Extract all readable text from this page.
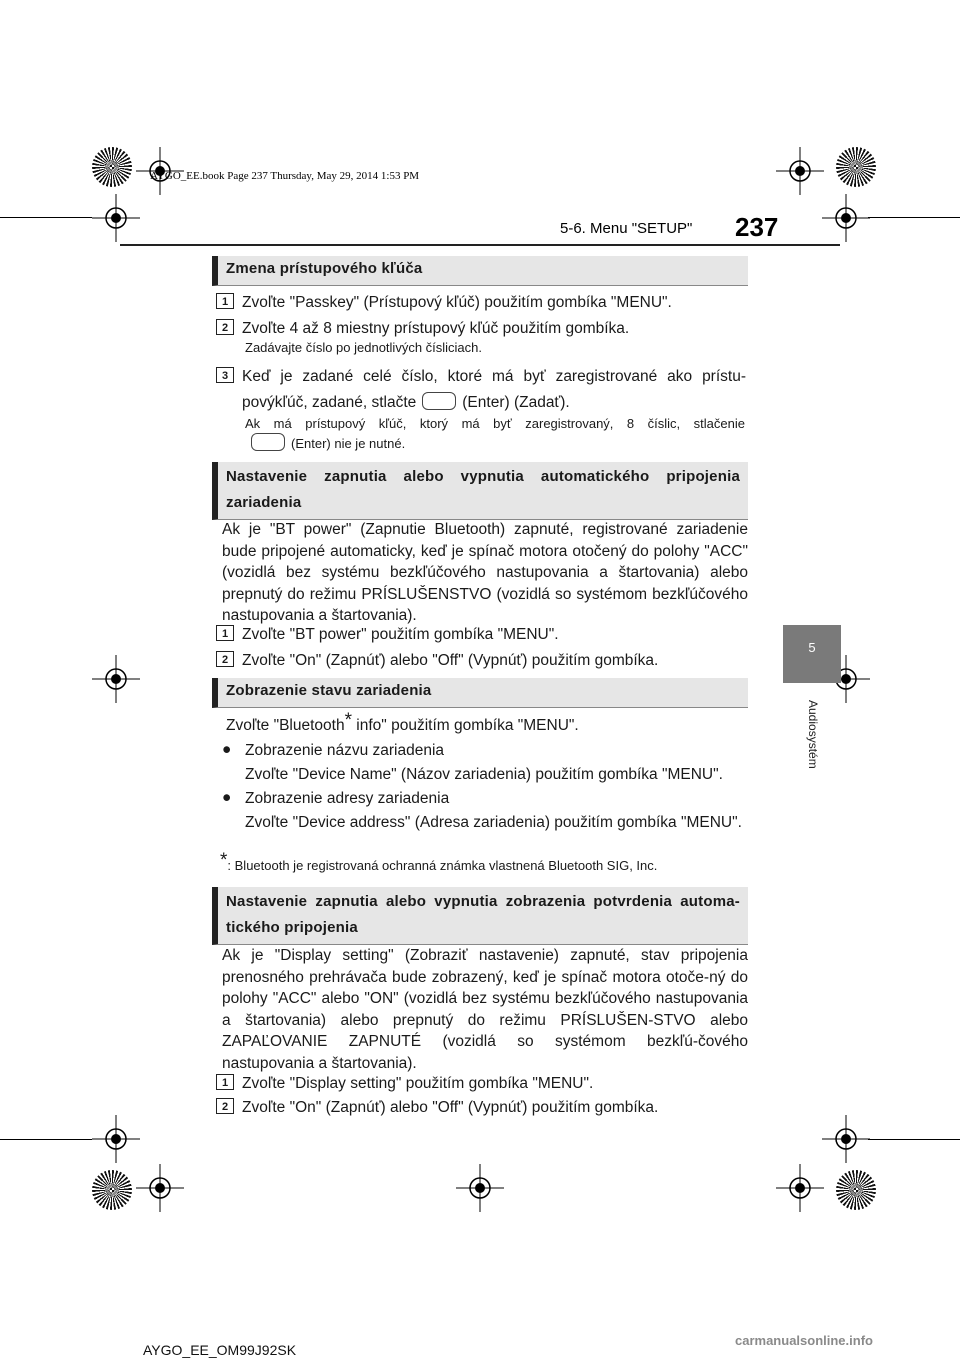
AYGO_EE.book Page 237 Thursday, May 29, 2014 1:53 PM
5-6. Menu "SETUP" 237
5
Audiosystém
Zmena prístupového kľúča
1 Zvoľte "Passkey" (Prístupový kľúč) použitím gombíka "MENU".
2 Zvoľte 4 až 8 miestny prístupový kľúč použitím gombíka.
Zadávajte číslo po jednotlivých čísliciach.
3 Keď je zadané celé číslo, ktoré má byť zaregistrované ako prístu-
povýkľúč, zadané, stlačte	(Enter) (Zadať).
Ak má prístupový kľúč, ktorý má byť zaregistrovaný, 8 číslic, stlačenie
(Enter) nie je nutné.
Nastavenie zapnutia alebo vypnutia automatického pripojenia zariadenia
Ak je "BT power" (Zapnutie Bluetooth) zapnuté, registrované zariadenie bude pripojené automaticky, keď je spínač motora otočený do polohy "ACC" (vozidlá bez systému bezkľúčového nastupovania a štartovania) alebo prepnutý do režimu PRÍSLUŠENSTVO (vozidlá so systémom bezkľúčového nastupovania a štartovania).
1 Zvoľte "BT power" použitím gombíka "MENU".
2 Zvoľte "On" (Zapnúť) alebo "Off" (Vypnúť) použitím gombíka.
Zobrazenie stavu zariadenia
Zvoľte "Bluetooth* info" použitím gombíka "MENU".
● Zobrazenie názvu zariadenia
Zvoľte "Device Name" (Názov zariadenia) použitím gombíka "MENU".
● Zobrazenie adresy zariadenia
Zvoľte "Device address" (Adresa zariadenia) použitím gombíka "MENU".
*: Bluetooth je registrovaná ochranná známka vlastnená Bluetooth SIG, Inc.
Nastavenie zapnutia alebo vypnutia zobrazenia potvrdenia automa-tického pripojenia
Ak je "Display setting" (Zobraziť nastavenie) zapnuté, stav pripojenia prenosného prehrávača bude zobrazený, keď je spínač motora otoče-ný do polohy "ACC" alebo "ON" (vozidlá bez systému bezkľúčového nastupovania a štartovania) alebo prepnutý do režimu PRÍSLUŠEN-STVO alebo ZAPAĽOVANIE ZAPNUTÉ (vozidlá so systémom bezkľú-čového nastupovania a štartovania).
1 Zvoľte "Display setting" použitím gombíka "MENU".
2 Zvoľte "On" (Zapnúť) alebo "Off" (Vypnúť) použitím gombíka.
AYGO_EE_OM99J92SK
carmanualsonline.info
